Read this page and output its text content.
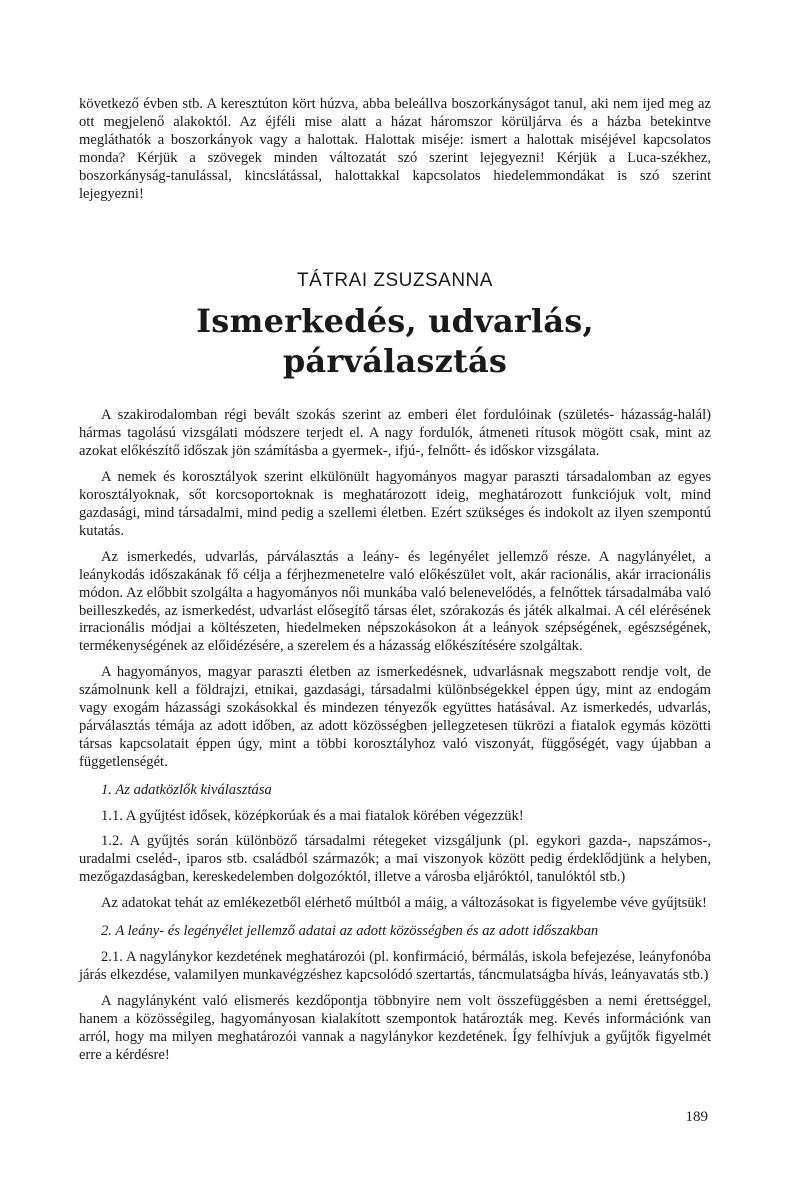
következő évben stb. A keresztúton kört húzva, abba beleállva boszorkányságot tanul, aki nem ijed meg az ott megjelenő alakoktól. Az éjféli mise alatt a házat háromszor körüljárva és a házba betekintve megláthatók a boszorkányok vagy a halottak. Halottak miséje: ismert a halottak miséjével kapcsolatos monda? Kérjük a szövegek minden változatát szó szerint lejegyezni! Kérjük a Luca-székhez, boszorkányság-tanulással, kincslátással, halottakkal kapcsolatos hiedelemmondákat is szó szerint lejegyezni!

TÁTRAI ZSUZSANNA

Ismerkedés, udvarlás, párválasztás

A szakirodalomban régi bevált szokás szerint az emberi élet fordulóinak (születés- házasság-halál) hármas tagolású vizsgálati módszere terjedt el. A nagy fordulók, átmeneti rítusok mögött csak, mint az azokat előkészítő időszak jön számításba a gyermek-, ifjú-, felnőtt- és időskor vizsgálata.

A nemek és korosztályok szerint elkülönült hagyományos magyar paraszti társadalomban az egyes korosztályoknak, sőt korcsoportoknak is meghatározott ideig, meghatározott funkciójuk volt, mind gazdasági, mind társadalmi, mind pedig a szellemi életben. Ezért szükséges és indokolt az ilyen szempontú kutatás.

Az ismerkedés, udvarlás, párválasztás a leány- és legényélet jellemző része. A nagylányélet, a leánykodás időszakának fő célja a férjhezmenetelre való előkészület volt, akár racionális, akár irracionális módon. Az előbbit szolgálta a hagyományos női munkába való belenevelődés, a felnőttek társadalmába való beilleszkedés, az ismerkedést, udvarlást elősegítő társas élet, szórakozás és játék alkalmai. A cél elérésének irracionális módjai a költészeten, hiedelmeken népszokásokon át a leányok szépségének, egészségének, termékenységének az előidézésére, a szerelem és a házasság előkészítésére szolgáltak.

A hagyományos, magyar paraszti életben az ismerkedésnek, udvarlásnak megszabott rendje volt, de számolnunk kell a földrajzi, etnikai, gazdasági, társadalmi különbségekkel éppen úgy, mint az endogám vagy exogám házassági szokásokkal és mindezen tényezők együttes hatásával. Az ismerkedés, udvarlás, párválasztás témája az adott időben, az adott közösségben jellegzetesen tükrözi a fiatalok egymás közötti társas kapcsolatait éppen úgy, mint a többi korosztályhoz való viszonyát, függőségét, vagy újabban a függetlenségét.

1. Az adatközlők kiválasztása

1.1. A gyűjtést idősek, középkorúak és a mai fiatalok körében végezzük!

1.2. A gyűjtés során különböző társadalmi rétegeket vizsgáljunk (pl. egykori gazda-, napszámos-, uradalmi cseléd-, iparos stb. családból származók; a mai viszonyok között pedig érdeklődjünk a helyben, mezőgazdaságban, kereskedelemben dolgozóktól, illetve a városba eljáróktól, tanulóktól stb.)

Az adatokat tehát az emlékezetből elérhető múltból a máig, a változásokat is figyelembe véve gyűjtsük!

2. A leány- és legényélet jellemző adatai az adott közösségben és az adott időszakban

2.1. A nagylánykor kezdetének meghatározói (pl. konfirmáció, bérmálás, iskola befejezése, leányfonóba járás elkezdése, valamilyen munkavégzéshez kapcsolódó szertartás, táncmulatságba hívás, leányavatás stb.)

A nagylányként való elismerés kezdőpontja többnyire nem volt összefüggésben a nemi érettséggel, hanem a közösségileg, hagyományosan kialakított szempontok határozták meg. Kevés információnk van arról, hogy ma milyen meghatározói vannak a nagylánykor kezdetének. Így felhívjuk a gyűjtők figyelmét erre a kérdésre!

189
